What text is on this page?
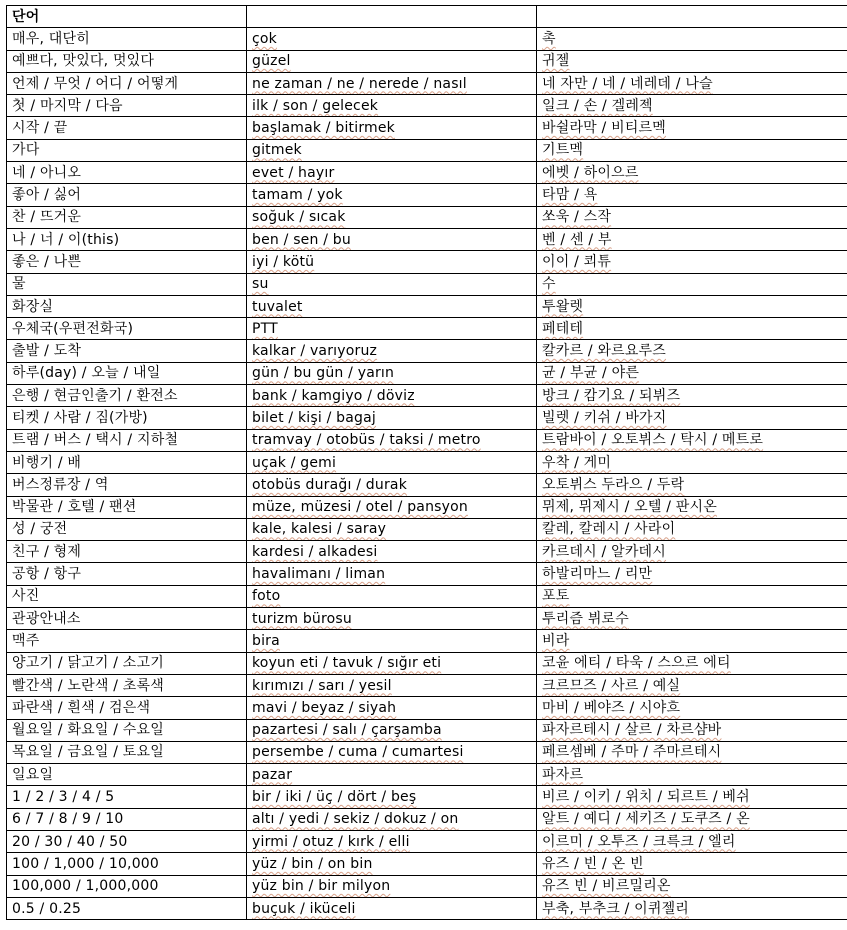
단어		
매우, 대단히	çok	촉
예쁘다, 맛있다, 멋있다	güzel	귀젤
언제 / 무엇 / 어디 / 어떻게	ne zaman / ne / nerede / nasıl	네 자만 / 네 / 네레데 / 나슬
첫 / 마지막 / 다음	ilk / son / gelecek	일크 / 손 / 겔레젝
시작 / 끝	başlamak / bitirmek	바쉴라막 / 비티르멕
가다	gitmek	기트멕
네 / 아니오	evet / hayır	에벳 / 하이으르
좋아 / 싫어	tamam / yok	타맘 / 욕
찬 / 뜨거운	soğuk / sıcak	쏘욱 / 스작
나 / 너 / 이(this)	ben / sen / bu	벤 / 센 / 부
좋은 / 나쁜	iyi / kötü	이이 / 쾨튜
물	su	수
화장실	tuvalet	투왈렛
우체국(우편전화국)	PTT	페테테
출발 / 도착	kalkar / varıyoruz	칼카르 / 와르요루즈
하루(day) / 오늘 / 내일	gün / bu gün / yarın	균 / 부균 / 야른
은행 / 현금인출기 / 환전소	bank / kamgiyo / döviz	방크 / 캄기요 / 되뷔즈
티켓 / 사람 / 짐(가방)	bilet / kişi / bagaj	빌렛 / 키쉬 / 바가지
트램 / 버스 / 택시 / 지하철	tramvay / otobüs / taksi / metro	트람바이 / 오토뷔스 / 탁시 / 메트로
비행기 / 배	uçak / gemi	우착 / 게미
버스정류장 / 역	otobüs durağı / durak	오토뷔스 두라으 / 두락
박물관 / 호텔 / 팬션	müze, müzesi / otel / pansyon	뮈제, 뮈제시 / 오텔 / 판시온
성 / 궁전	kale, kalesi / saray	칼레, 칼레시 / 사라이
친구 / 형제	kardesi / alkadesi	카르데시 / 알카데시
공항 / 항구	havalimanı / liman	하발리마느 / 리만
사진	foto	포토
관광안내소	turizm bürosu	투리즘 뷔로수
맥주	bira	비라
양고기 / 닭고기 / 소고기	koyun eti / tavuk / sığır eti	코윤 에티 / 타욱 / 스으르 에티
빨간색 / 노란색 / 초록색	kırımızı / sarı / yesil	크르므즈 / 사르 / 예실
파란색 / 흰색 / 검은색	mavi / beyaz / siyah	마비 / 베야즈 / 시야흐
월요일 / 화요일 / 수요일	pazartesi / salı / çarşamba	파자르테시 / 살르 / 차르샴바
목요일 / 금요일 / 토요일	persembe / cuma / cumartesi	페르셈베 / 주마 / 주마르테시
일요일	pazar	파자르
1 / 2 / 3 / 4 / 5	bir / iki / üç / dört / beş	비르 / 이키 / 위치 / 되르트 / 베쉬
6 / 7 / 8 / 9 / 10	altı / yedi / sekiz / dokuz / on	알트 / 예디 / 세키즈 / 도쿠즈 / 온
20 / 30 / 40 / 50	yirmi / otuz / kırk / elli	이르미 / 오투즈 / 크륵크 / 엘리
100 / 1,000 / 10,000	yüz / bin / on bin	유즈 / 빈 / 온 빈
100,000 / 1,000,000	yüz bin / bir milyon	유즈 빈 / 비르밀리온
0.5 / 0.25	buçuk / iküceli	부축, 부추크 / 이퀴젤리
